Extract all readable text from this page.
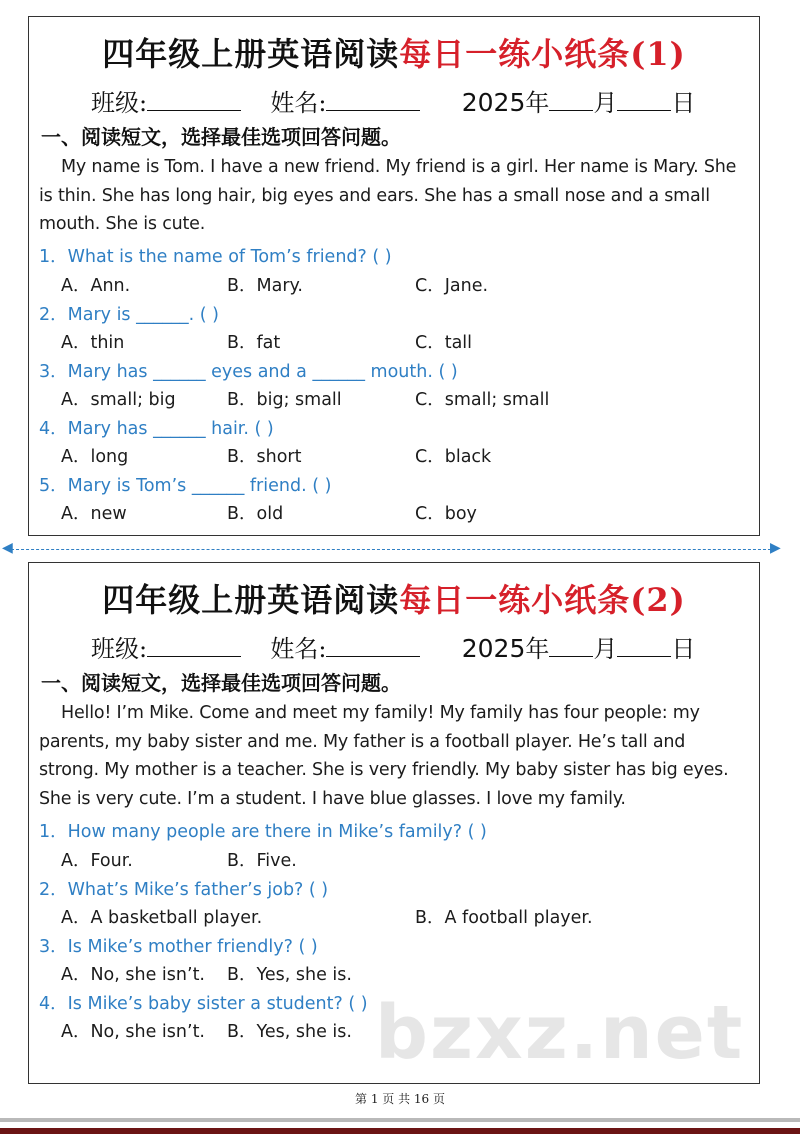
四年级上册英语阅读每日一练小纸条(1)
班级:	姓名:	2025年 月 日
一、阅读短文，选择最佳选项回答问题。
My name is Tom. I have a new friend. My friend is a girl. Her name is Mary. She is thin. She has long hair, big eyes and ears. She has a small nose and a small mouth. She is cute.
1．What is the name of Tom’s friend? ( )
A．Ann.	B．Mary.	C．Jane.
2．Mary is ______. ( )
A．thin	B．fat	C．tall
3．Mary has ______ eyes and a ______ mouth. ( )
A．small; big	B．big; small	C．small; small
4．Mary has ______ hair. ( )
A．long	B．short	C．black
5．Mary is Tom’s ______ friend. ( )
A．new	B．old	C．boy
◀	▶
四年级上册英语阅读每日一练小纸条(2)
班级:	姓名:	2025年 月 日
一、阅读短文，选择最佳选项回答问题。
Hello! I’m Mike. Come and meet my family! My family has four people: my parents, my baby sister and me. My father is a football player. He’s tall and strong. My mother is a teacher. She is very friendly. My baby sister has big eyes. She is very cute. I’m a student. I have blue glasses. I love my family.
1．How many people are there in Mike’s family? ( )
A．Four.	B．Five.
2．What’s Mike’s father’s job? ( )
A．A basketball player.	B．A football player.
3．Is Mike’s mother friendly? ( )
A．No, she isn’t. B．Yes, she is.
4．Is Mike’s baby sister a student? ( )
A．No, she isn’t. B．Yes, she is. bzxz.net
第 1 页 共 16 页
